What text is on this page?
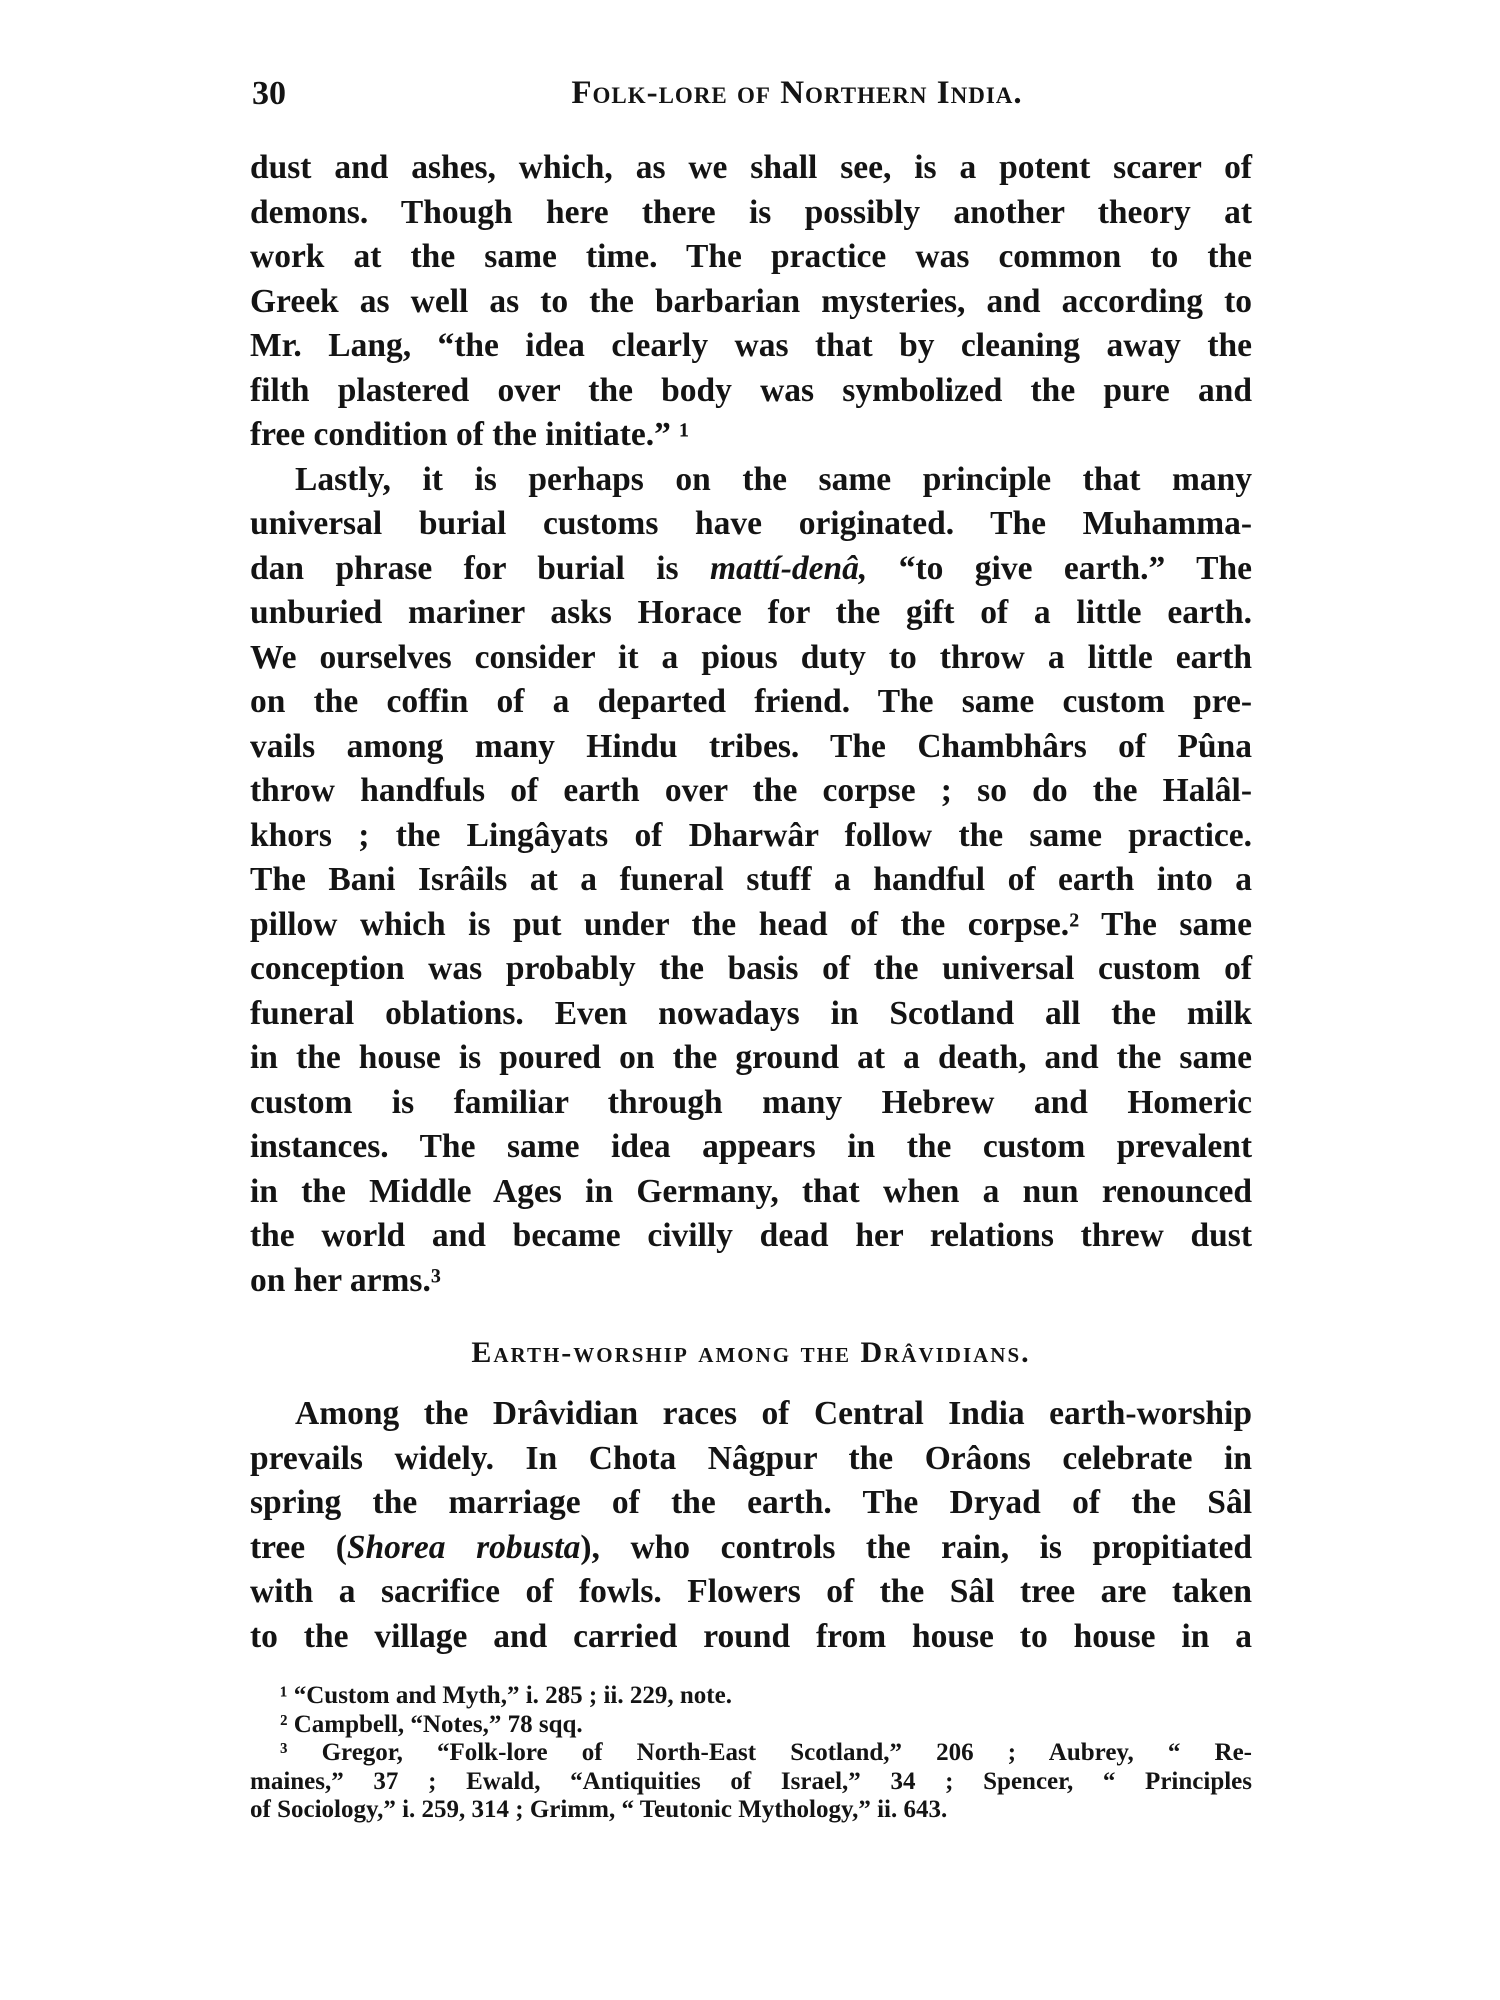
30	Folk-lore of Northern India.

dust and ashes, which, as we shall see, is a potent scarer of
demons. Though here there is possibly another theory at
work at the same time. The practice was common to the
Greek as well as to the barbarian mysteries, and according to
Mr. Lang, “the idea clearly was that by cleaning away the
filth plastered over the body was symbolized the pure and
free condition of the initiate.” ¹

Lastly, it is perhaps on the same principle that many
universal burial customs have originated. The Muhamma-
dan phrase for burial is mattí-denâ, “to give earth.” The
unburied mariner asks Horace for the gift of a little earth.
We ourselves consider it a pious duty to throw a little earth
on the coffin of a departed friend. The same custom pre-
vails among many Hindu tribes. The Chambhârs of Pûna
throw handfuls of earth over the corpse ; so do the Halâl-
khors ; the Lingâyats of Dharwâr follow the same practice.
The Bani Isrâils at a funeral stuff a handful of earth into a
pillow which is put under the head of the corpse.² The same
conception was probably the basis of the universal custom of
funeral oblations. Even nowadays in Scotland all the milk
in the house is poured on the ground at a death, and the same
custom is familiar through many Hebrew and Homeric
instances. The same idea appears in the custom prevalent
in the Middle Ages in Germany, that when a nun renounced
the world and became civilly dead her relations threw dust
on her arms.³

Earth-worship among the Drâvidians.

Among the Drâvidian races of Central India earth-worship
prevails widely. In Chota Nâgpur the Orâons celebrate in
spring the marriage of the earth. The Dryad of the Sâl
tree (Shorea robusta), who controls the rain, is propitiated
with a sacrifice of fowls. Flowers of the Sâl tree are taken
to the village and carried round from house to house in a

¹ “Custom and Myth,” i. 285 ; ii. 229, note.
² Campbell, “Notes,” 78 sqq.
³ Gregor, “Folk-lore of North-East Scotland,” 206 ; Aubrey, “ Re-
maines,” 37 ; Ewald, “Antiquities of Israel,” 34 ; Spencer, “ Principles
of Sociology,” i. 259, 314 ; Grimm, “ Teutonic Mythology,” ii. 643.
